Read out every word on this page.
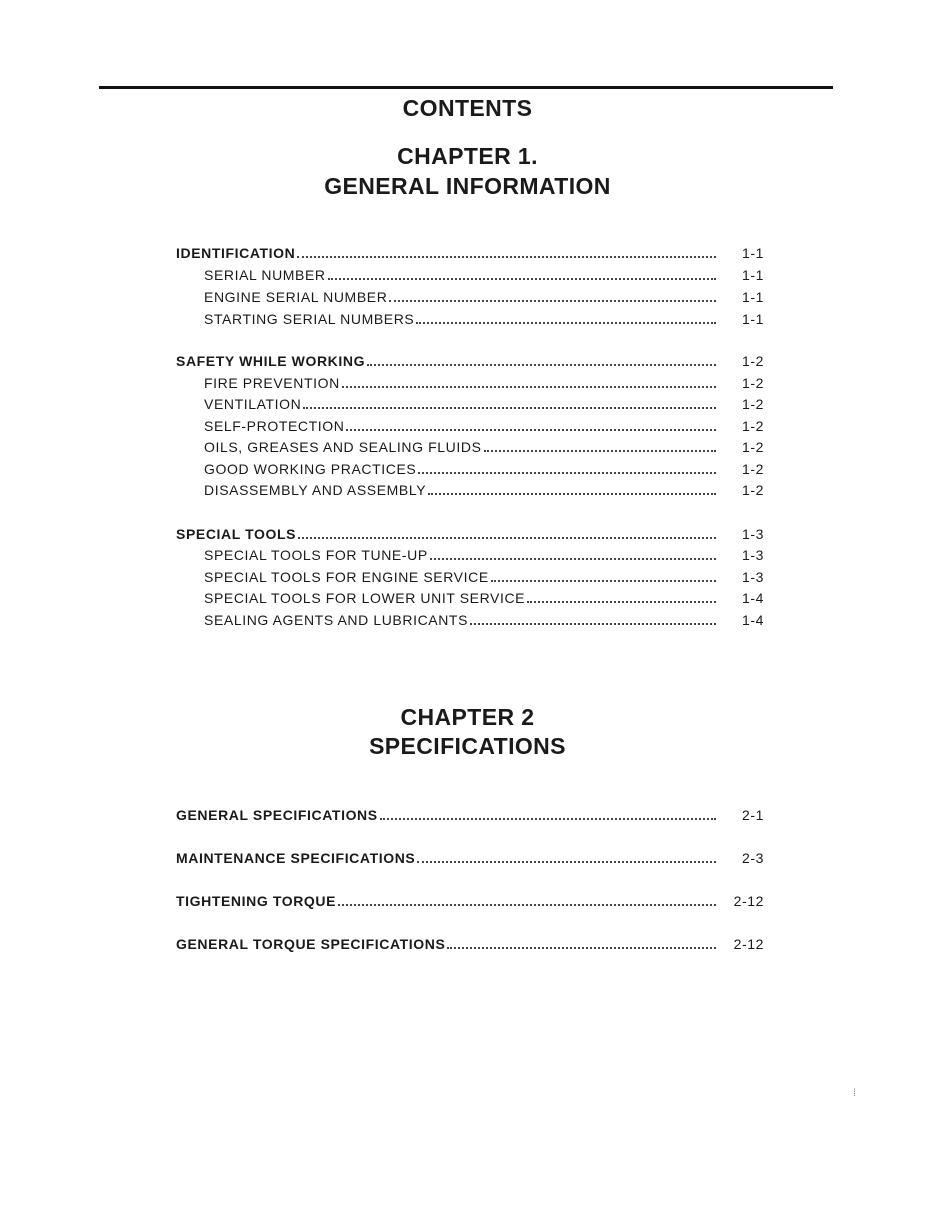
CONTENTS
CHAPTER 1.
GENERAL INFORMATION
IDENTIFICATION	1-1
SERIAL NUMBER	1-1
ENGINE SERIAL NUMBER	1-1
STARTING SERIAL NUMBERS	1-1
SAFETY WHILE WORKING	1-2
FIRE PREVENTION	1-2
VENTILATION	1-2
SELF-PROTECTION	1-2
OILS, GREASES AND SEALING FLUIDS	1-2
GOOD WORKING PRACTICES	1-2
DISASSEMBLY AND ASSEMBLY	1-2
SPECIAL TOOLS	1-3
SPECIAL TOOLS FOR TUNE-UP	1-3
SPECIAL TOOLS FOR ENGINE SERVICE	1-3
SPECIAL TOOLS FOR LOWER UNIT SERVICE	1-4
SEALING AGENTS AND LUBRICANTS	1-4
CHAPTER 2
SPECIFICATIONS
GENERAL SPECIFICATIONS	2-1
MAINTENANCE SPECIFICATIONS	2-3
TIGHTENING TORQUE	2-12
GENERAL TORQUE SPECIFICATIONS	2-12
⁞
